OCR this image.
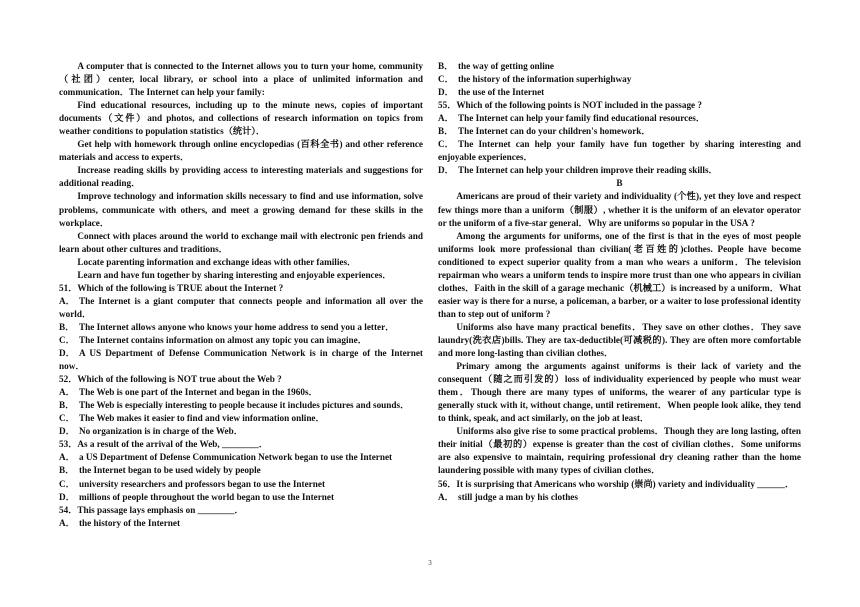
A computer that is connected to the Internet allows you to turn your home, community（社团）center, local library, or school into a place of unlimited information and communication．The Internet can help your family:

Find educational resources, including up to the minute news, copies of important documents（文件）and photos, and collections of research information on topics from weather conditions to population statistics（统计）．

Get help with homework through online encyclopedias (百科全书) and other reference materials and access to experts．

Increase reading skills by providing access to interesting materials and suggestions for additional reading．

Improve technology and information skills necessary to find and use information, solve problems, communicate with others, and meet a growing demand for these skills in the workplace．

Connect with places around the world to exchange mail with electronic pen friends and learn about other cultures and traditions．

Locate parenting information and exchange ideas with other families．

Learn and have fun together by sharing interesting and enjoyable experiences．

51．Which of the following is TRUE about the Internet ?

A． The Internet is a giant computer that connects people and information all over the world．

B． The Internet allows anyone who knows your home address to send you a letter．

C． The Internet contains information on almost any topic you can imagine．

D． A US Department of Defense Communication Network is in charge of the Internet now．

52．Which of the following is NOT true about the Web ?

A． The Web is one part of the Internet and began in the 1960s．

B． The Web is especially interesting to people because it includes pictures and sounds．

C． The Web makes it easier to find and view information online．

D． No organization is in charge of the Web．

53．As a result of the arrival of the Web, ________．

A． a US Department of Defense Communication Network began to use the Internet

B． the Internet began to be used widely by people

C． university researchers and professors began to use the Internet

D． millions of people throughout the world began to use the Internet

54．This passage lays emphasis on ________．

A． the history of the Internet

B． the way of getting online

C． the history of the information superhighway

D． the use of the Internet

55．Which of the following points is NOT included in the passage ?

A． The Internet can help your family find educational resources．

B． The Internet can do your children's homework．

C． The Internet can help your family have fun together by sharing interesting and enjoyable experiences．

D． The Internet can help your children improve their reading skills．

B

Americans are proud of their variety and individuality (个性), yet they love and respect few things more than a uniform（制服）, whether it is the uniform of an elevator operator or the uniform of a five-star general．Why are uniforms so popular in the USA ?

Among the arguments for uniforms, one of the first is that in the eyes of most people uniforms look more professional than civilian(老百姓的)clothes. People have become conditioned to expect superior quality from a man who wears a uniform．The television repairman who wears a uniform tends to inspire more trust than one who appears in civilian clothes．Faith in the skill of a garage mechanic（机械工）is increased by a uniform．What easier way is there for a nurse, a policeman, a barber, or a waiter to lose professional identity than to step out of uniform ?

Uniforms also have many practical benefits．They save on other clothes．They save laundry(洗衣店)bills. They are tax-deductible(可减税的). They are often more comfortable and more long-lasting than civilian clothes．

Primary among the arguments against uniforms is their lack of variety and the consequent（随之而引发的）loss of individuality experienced by people who must wear them．Though there are many types of uniforms, the wearer of any particular type is generally stuck with it, without change, until retirement．When people look alike, they tend to think, speak, and act similarly, on the job at least．

Uniforms also give rise to some practical problems．Though they are long lasting, often their initial（最初的）expense is greater than the cost of civilian clothes．Some uniforms are also expensive to maintain, requiring professional dry cleaning rather than the home laundering possible with many types of civilian clothes．

56．It is surprising that Americans who worship (崇尚) variety and individuality ______．

A． still judge a man by his clothes

3
